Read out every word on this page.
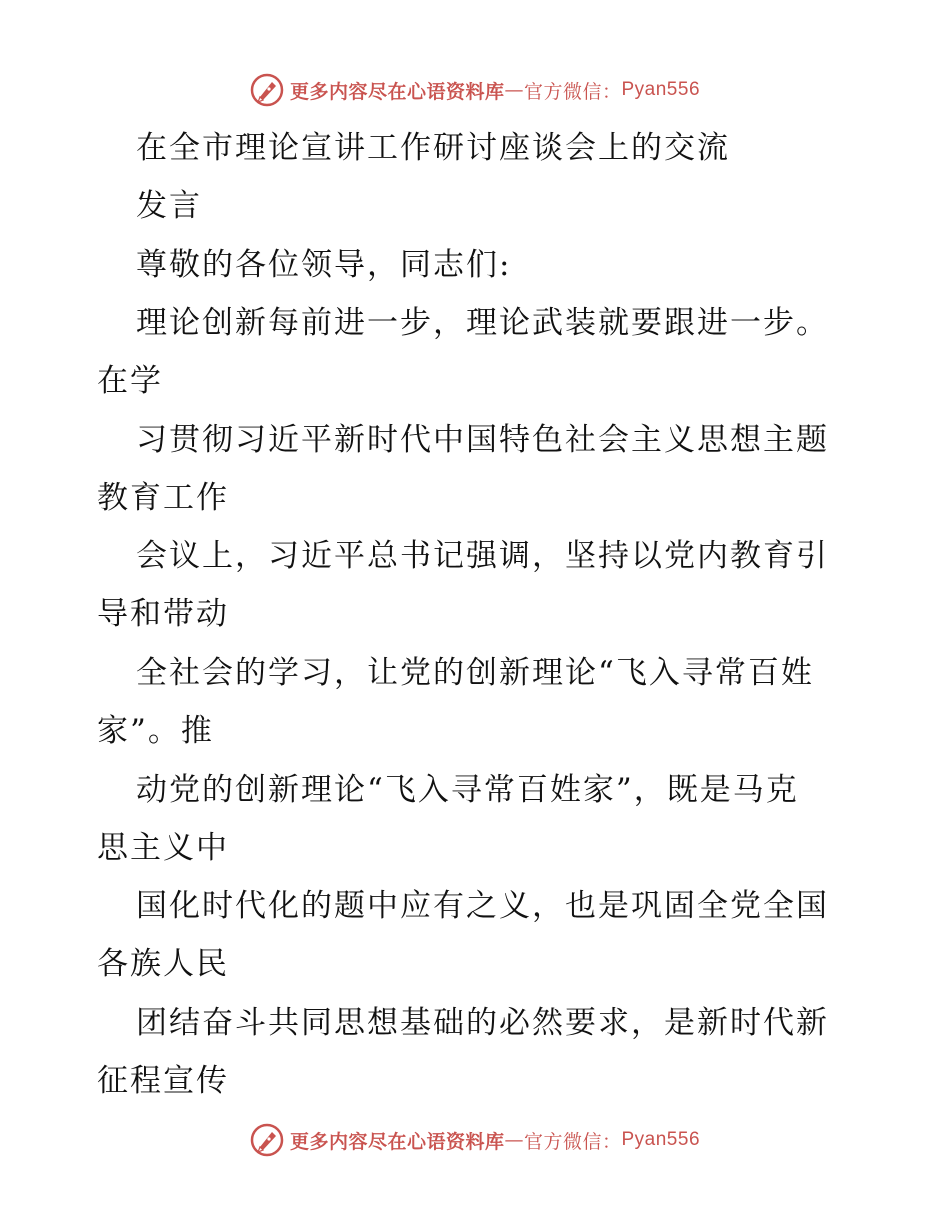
更多内容尽在心语资料库 — 官方微信： Pyan556
在全市理论宣讲工作研讨座谈会上的交流
发言
尊敬的各位领导，同志们:
理论创新每前进一步，理论武装就要跟进一步。
在学
习贯彻习近平新时代中国特色社会主义思想主题
教育工作
会议上，习近平总书记强调，坚持以党内教育引
导和带动
全社会的学习，让党的创新理论“飞入寻常百姓
家”。推
动党的创新理论“飞入寻常百姓家”，既是马克
思主义中
国化时代化的题中应有之义，也是巩固全党全国
各族人民
团结奋斗共同思想基础的必然要求，是新时代新
征程宣传
更多内容尽在心语资料库 — 官方微信： Pyan556
